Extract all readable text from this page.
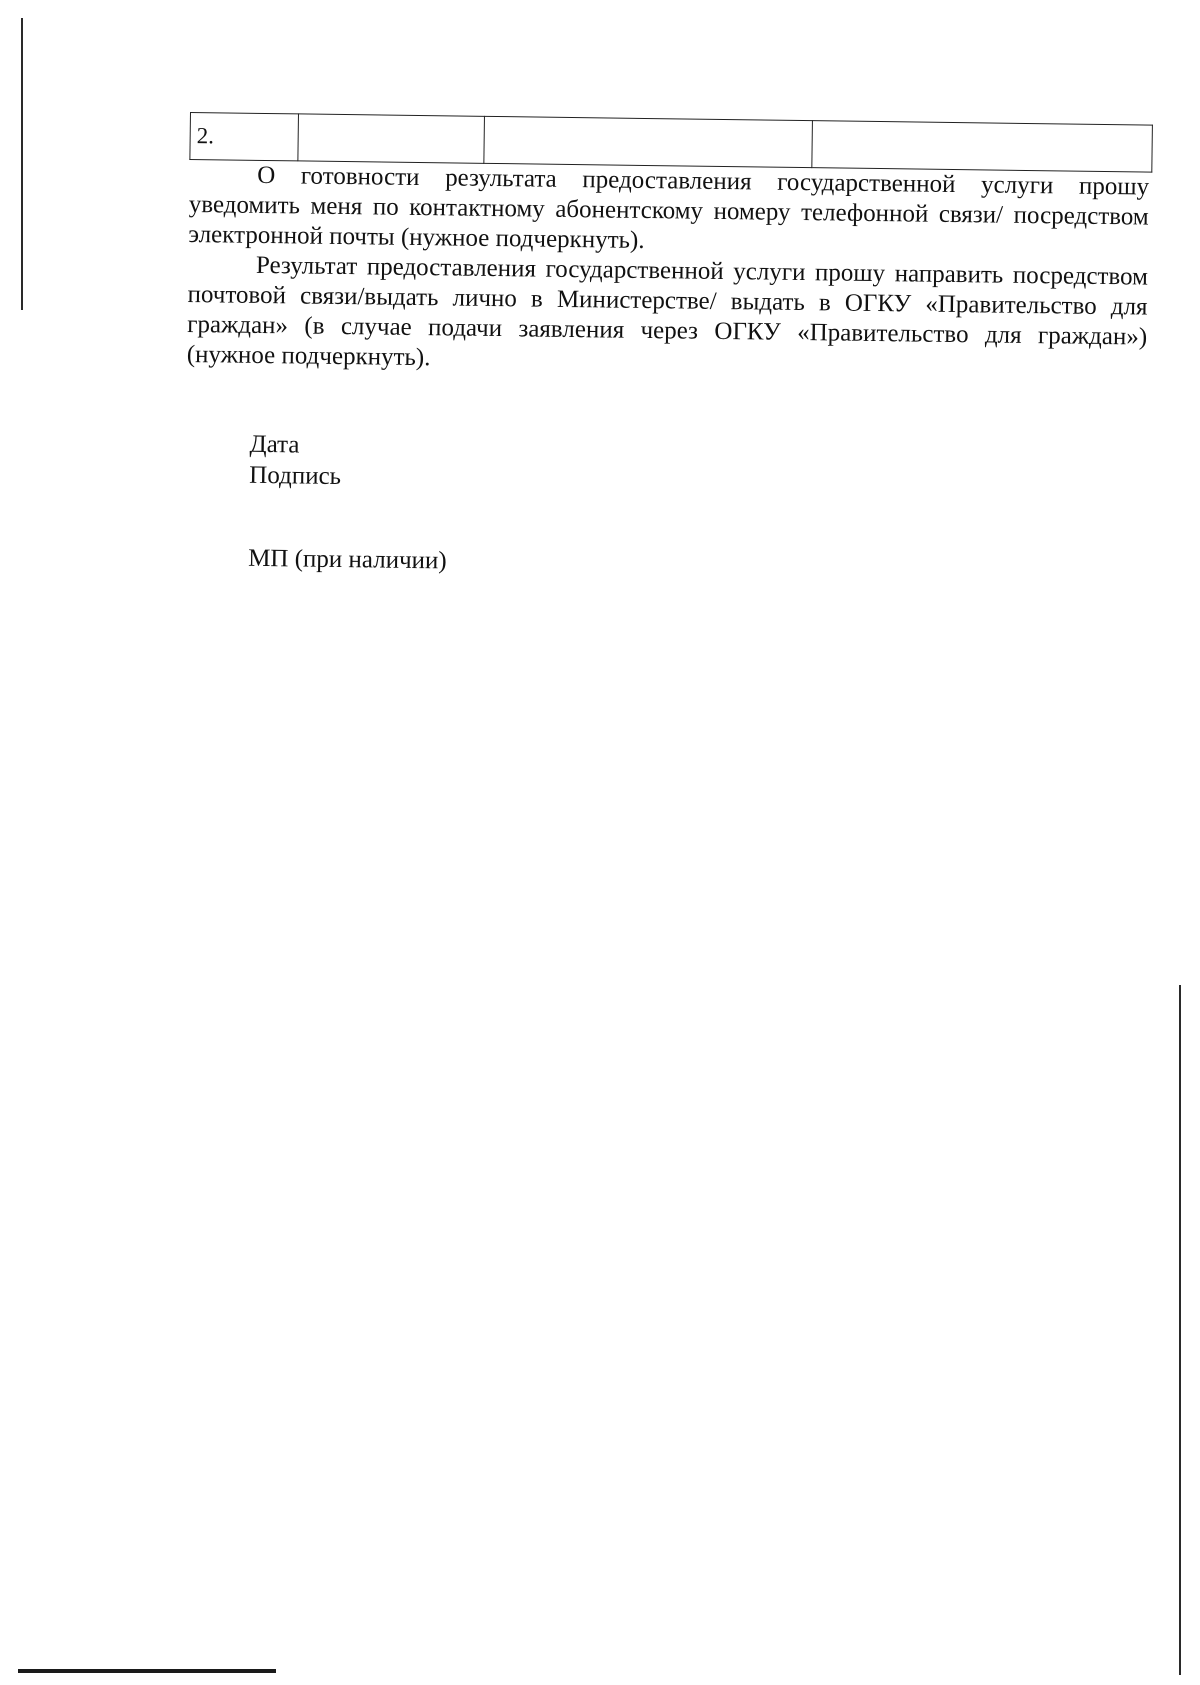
2.			

О готовности результата предоставления государственной услуги прошу уведомить меня по контактному абонентскому номеру телефонной связи/ посредством электронной почты (нужное подчеркнуть).

Результат предоставления государственной услуги прошу направить посредством почтовой связи/выдать лично в Министерстве/ выдать в ОГКУ «Правительство для граждан» (в случае подачи заявления через ОГКУ «Правительство для граждан») (нужное подчеркнуть).

Дата
Подпись
МП (при наличии)
